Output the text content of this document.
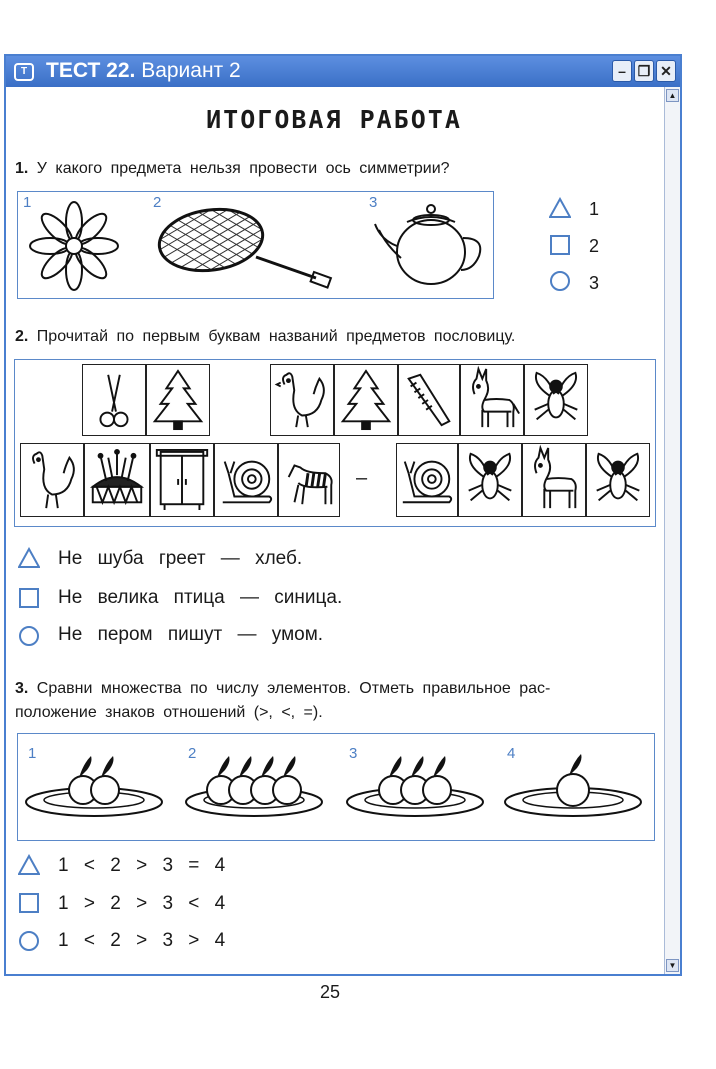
Т ТЕСТ 22. Вариант 2	– ❐ ✕
▲
▼
ИТОГОВАЯ РАБОТА
1. У какого предмета нельзя провести ось симметрии?
1	2	3	1
2
3
2. Прочитай по первым буквам названий предметов пословицу.
–
Не шуба греет — хлеб.
Не велика птица — синица.
Не пером пишут — умом.
3. Сравни множества по числу элементов. Отметь правильное рас-
положение знаков отношений (>, <, =).
1	2	3	4
1 < 2 > 3 = 4
1 > 2 > 3 < 4
1 < 2 > 3 > 4
25
